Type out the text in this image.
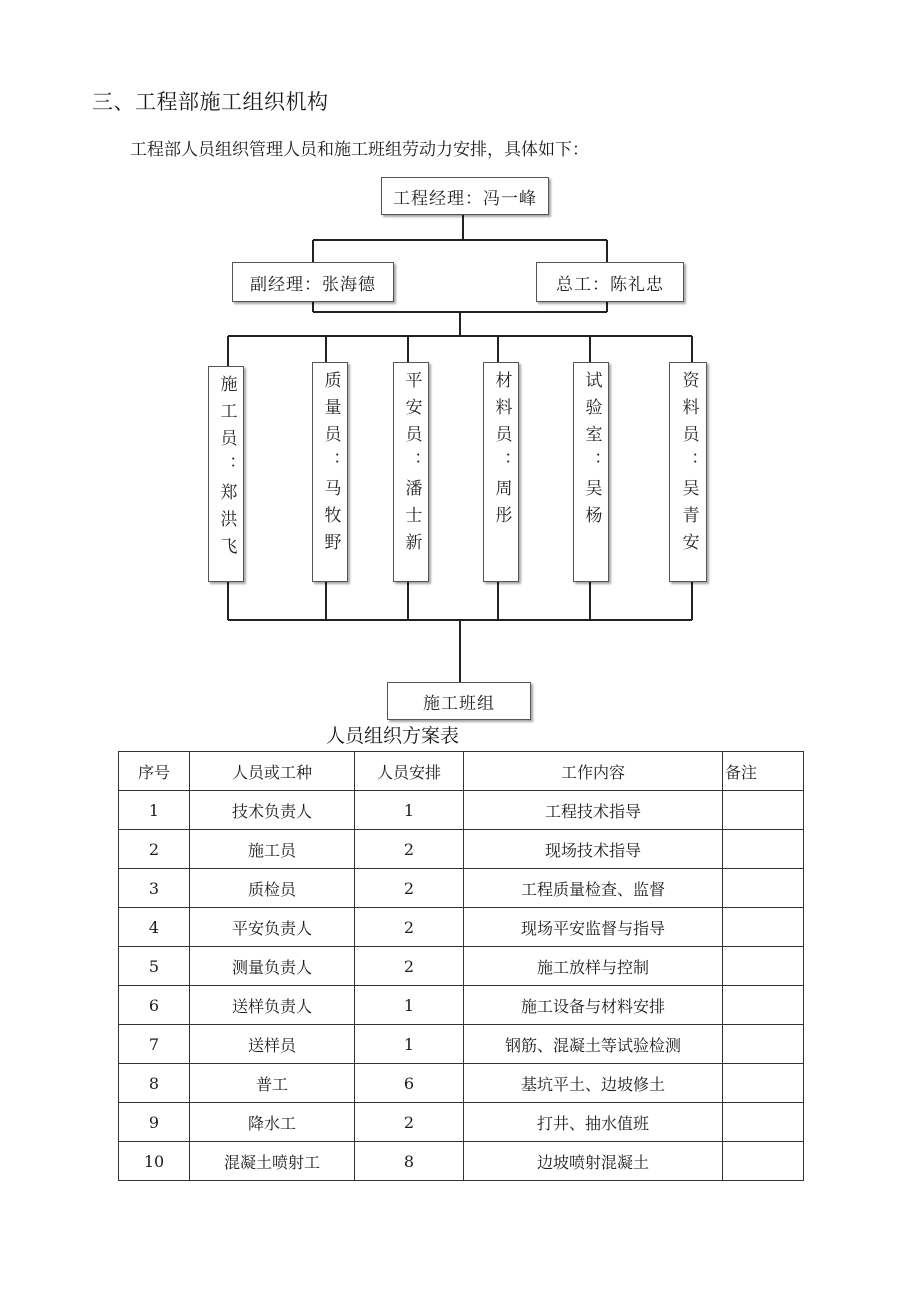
三、工程部施工组织机构
工程部人员组织管理人员和施工班组劳动力安排，具体如下：
工程经理：冯一峰
副经理：张海德	总工：陈礼忠
施工员：郑洪飞	质量员：马牧野	平安员：潘士新	材料员：周彤	试验室：吴杨	资料员：吴青安
施工班组
人员组织方案表
序号	人员或工种	人员安排	工作内容	备注
1	技术负责人	1	工程技术指导	
2	施工员	2	现场技术指导	
3	质检员	2	工程质量检查、监督	
4	平安负责人	2	现场平安监督与指导	
5	测量负责人	2	施工放样与控制	
6	送样负责人	1	施工设备与材料安排	
7	送样员	1	钢筋、混凝土等试验检测	
8	普工	6	基坑平土、边坡修土	
9	降水工	2	打井、抽水值班	
10	混凝土喷射工	8	边坡喷射混凝土	
